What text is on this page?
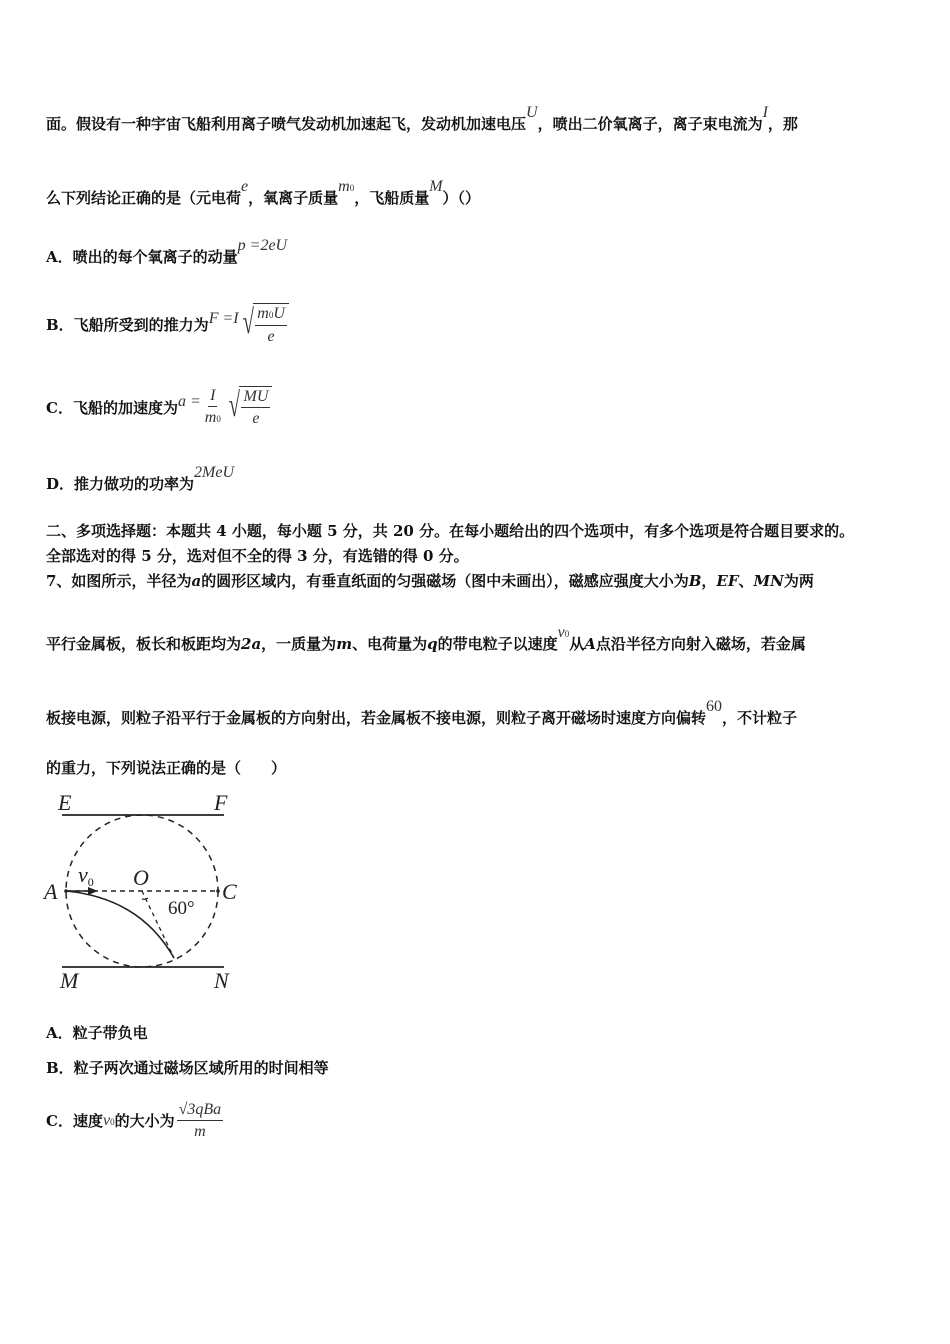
面。假设有一种宇宙飞船利用离子喷气发动机加速起飞，发动机加速电压U，喷出二价氧离子，离子束电流为I，那
么下列结论正确的是（元电荷e，氧离子质量m0，飞船质量M）（）
A．喷出的每个氧离子的动量p =2eU
B．飞船所受到的推力为 F =I √ $\frac{m0U}{e}$
C．飞船的加速度为 $a = \frac{I}{m0}$ √ $\frac{MU}{e}$
D．推力做功的功率为2MeU
二、多项选择题：本题共 4 小题，每小题 5 分，共 20 分。在每小题给出的四个选项中，有多个选项是符合题目要求的。
全部选对的得 5 分，选对但不全的得 3 分，有选错的得 0 分。
7、如图所示，半径为a的圆形区域内，有垂直纸面的匀强磁场（图中未画出），磁感应强度大小为B，EF、MN为两
平行金属板，板长和板距均为2a，一质量为m、电荷量为q的带电粒子以速度v0从A点沿半径方向射入磁场，若金属
板接电源，则粒子沿平行于金属板的方向射出，若金属板不接电源，则粒子离开磁场时速度方向偏转60，不计粒子
的重力，下列说法正确的是（　　）
E	F
A
O
C
M	N
v0
60°
A．粒子带负电
B．粒子两次通过磁场区域所用的时间相等
C．速度 v0 的大小为 $\frac{\text{√3qBa}}{m}$
